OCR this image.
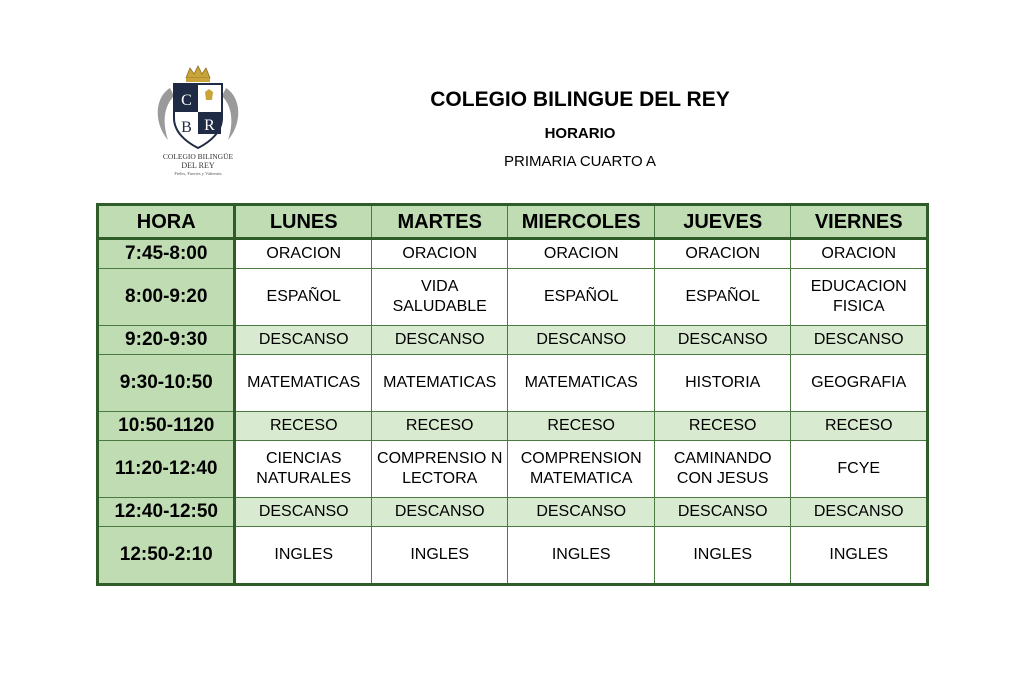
C
B R
COLEGIO BILINGÜE
DEL REY
Fieles, Fuertes y Valientes
COLEGIO BILINGUE DEL REY
HORARIO
PRIMARIA CUARTO A
HORA	LUNES	MARTES	MIERCOLES	JUEVES	VIERNES
7:45-8:00	ORACION	ORACION	ORACION	ORACION	ORACION
8:00-9:20	ESPAÑOL	VIDA SALUDABLE	ESPAÑOL	ESPAÑOL	EDUCACION FISICA
9:20-9:30	DESCANSO	DESCANSO	DESCANSO	DESCANSO	DESCANSO
9:30-10:50	MATEMATICAS	MATEMATICAS	MATEMATICAS	HISTORIA	GEOGRAFIA
10:50-1120	RECESO	RECESO	RECESO	RECESO	RECESO
11:20-12:40	CIENCIAS NATURALES	COMPRENSIO N LECTORA	COMPRENSION MATEMATICA	CAMINANDO CON JESUS	FCYE
12:40-12:50	DESCANSO	DESCANSO	DESCANSO	DESCANSO	DESCANSO
12:50-2:10	INGLES	INGLES	INGLES	INGLES	INGLES
